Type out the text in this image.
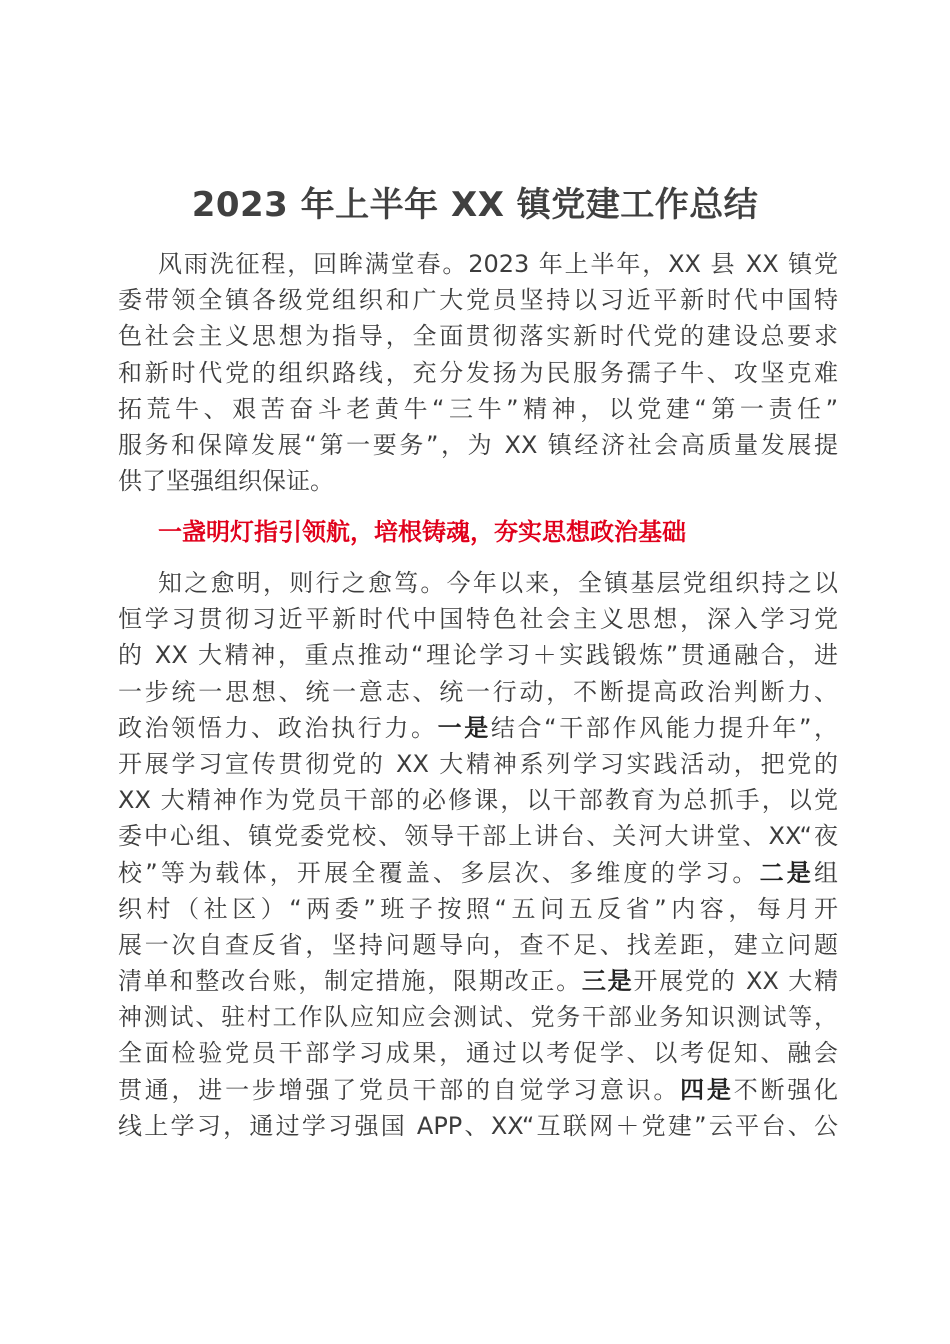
2023 年上半年 XX 镇党建工作总结
风雨洗征程，回眸满堂春。2023 年上半年，XX 县 XX 镇党
委带领全镇各级党组织和广大党员坚持以习近平新时代中国特
色社会主义思想为指导，全面贯彻落实新时代党的建设总要求
和新时代党的组织路线，充分发扬为民服务孺子牛、攻坚克难
拓荒牛、艰苦奋斗老黄牛“三牛”精神，以党建“第一责任”
服务和保障发展“第一要务”，为 XX 镇经济社会高质量发展提
供了坚强组织保证。
一盏明灯指引领航，培根铸魂，夯实思想政治基础
知之愈明，则行之愈笃。今年以来，全镇基层党组织持之以
恒学习贯彻习近平新时代中国特色社会主义思想，深入学习党
的 XX 大精神，重点推动“理论学习＋实践锻炼”贯通融合，进
一步统一思想、统一意志、统一行动，不断提高政治判断力、
政治领悟力、政治执行力。一是结合“干部作风能力提升年”，
开展学习宣传贯彻党的 XX 大精神系列学习实践活动，把党的
XX 大精神作为党员干部的必修课，以干部教育为总抓手，以党
委中心组、镇党委党校、领导干部上讲台、关河大讲堂、XX“夜
校”等为载体，开展全覆盖、多层次、多维度的学习。二是组
织村（社区）“两委”班子按照“五问五反省”内容，每月开
展一次自查反省，坚持问题导向，查不足、找差距，建立问题
清单和整改台账，制定措施，限期改正。三是开展党的 XX 大精
神测试、驻村工作队应知应会测试、党务干部业务知识测试等，
全面检验党员干部学习成果，通过以考促学、以考促知、融会
贯通，进一步增强了党员干部的自觉学习意识。四是不断强化
线上学习，通过学习强国 APP、XX“互联网＋党建”云平台、公
